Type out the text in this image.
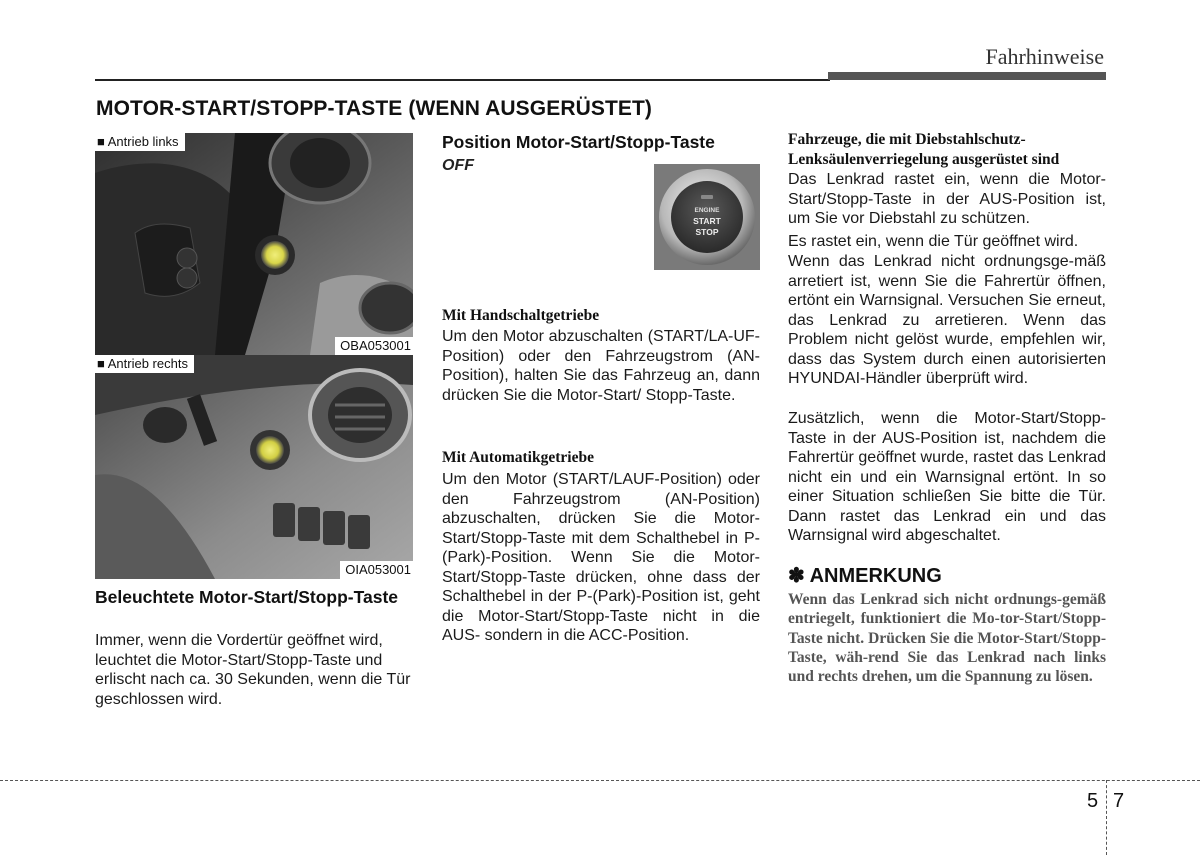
Fahrhinweise
MOTOR-START/STOPP-TASTE (WENN AUSGERÜSTET)
■ Antrieb links
OBA053001
■ Antrieb rechts
OIA053001
Beleuchtete Motor-Start/Stopp-Taste
Immer, wenn die Vordertür geöffnet wird, leuchtet die Motor-Start/Stopp-Taste und erlischt nach ca. 30 Sekunden, wenn die Tür geschlossen wird.
Position Motor-Start/Stopp-Taste
OFF
ENGINE
START
STOP
Mit Handschaltgetriebe
Um den Motor abzuschalten (START/LA-UF-Position) oder den Fahrzeugstrom (AN-Position), halten Sie das Fahrzeug an, dann drücken Sie die Motor-Start/ Stopp-Taste.
Mit Automatikgetriebe
Um den Motor (START/LAUF-Position) oder den Fahrzeugstrom (AN-Position) abzuschalten, drücken Sie die Motor-Start/Stopp-Taste mit dem Schalthebel in P-(Park)-Position. Wenn Sie die Motor-Start/Stopp-Taste drücken, ohne dass der Schalthebel in der P-(Park)-Position ist, geht die Motor-Start/Stopp-Taste nicht in die AUS- sondern in die ACC-Position.
Fahrzeuge, die mit Diebstahlschutz-Lenksäulenverriegelung ausgerüstet sind
Das Lenkrad rastet ein, wenn die Motor-Start/Stopp-Taste in der AUS-Position ist, um Sie vor Diebstahl zu schützen.
Es rastet ein, wenn die Tür geöffnet wird.
Wenn das Lenkrad nicht ordnungsge-mäß arretiert ist, wenn Sie die Fahrertür öffnen, ertönt ein Warnsignal. Versuchen Sie erneut, das Lenkrad zu arretieren. Wenn das Problem nicht gelöst wurde, empfehlen wir, dass das System durch einen autorisierten HYUNDAI-Händler überprüft wird.
Zusätzlich, wenn die Motor-Start/Stopp-Taste in der AUS-Position ist, nachdem die Fahrertür geöffnet wurde, rastet das Lenkrad nicht ein und ein Warnsignal ertönt. In so einer Situation schließen Sie bitte die Tür. Dann rastet das Lenkrad ein und das Warnsignal wird abgeschaltet.
✽ ANMERKUNG
Wenn das Lenkrad sich nicht ordnungs-gemäß entriegelt, funktioniert die Mo-tor-Start/Stopp-Taste nicht. Drücken Sie die Motor-Start/Stopp-Taste, wäh-rend Sie das Lenkrad nach links und rechts drehen, um die Spannung zu lösen.
5 7
